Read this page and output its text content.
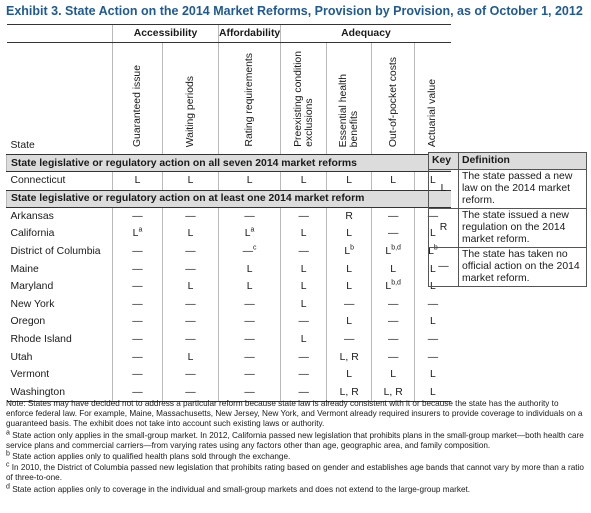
Exhibit 3. State Action on the 2014 Market Reforms, Provision by Provision, as of October 1, 2012
	Accessibility		Affordability	Adequacy			
State	Guaranteed issue	Waiting periods	Rating requirements	Preexisting condition
exclusions	Essential health
benefits	Out-of-pocket costs	Actuarial value
State legislative or regulatory action on all seven 2014 market reforms							
Connecticut	L	L	L	L	L	L	L
State legislative or regulatory action on at least one 2014 market reform							
Arkansas	—	—	—	—	R	—	—
California	$L^a$	L	$L^a$	L	L	—	L
District of Columbia	—	—	—$^c$	—	$L^b$	L$^{b,d}$	$L^b$
Maine	—	—	L	L	L	L	L
Maryland	—	L	L	L	L	L$^{b,d}$	L
New York	—	—	—	L	—	—	—
Oregon	—	—	—	—	L	—	L
Rhode Island	—	—	—	L	—	—	—
Utah	—	L	—	—	L, R	—	—
Vermont	—	—	—	—	L	L	L
Washington	—	—	—	—	L, R	L, R	L
Key	Definition
L	The state passed a new law on the 2014 market reform.
R	The state issued a new regulation on the 2014 market reform.
—	The state has taken no official action on the 2014 market reform.

Note: States may have decided not to address a particular reform because state law is already consistent with it or because the state has the authority to enforce federal law. For example, Maine, Massachusetts, New Jersey, New York, and Vermont already required insurers to provide coverage to individuals on a guaranteed basis. The exhibit does not take into account such existing laws or authority.

$^a$ State action only applies in the small-group market. In 2012, California passed new legislation that prohibits plans in the small-group market—both health care service plans and commercial carriers—from varying rates using any factors other than age, geographic area, and family composition.

$^b$ State action applies only to qualified health plans sold through the exchange.

$^c$ In 2010, the District of Columbia passed new legislation that prohibits rating based on gender and establishes age bands that cannot vary by more than a ratio of three-to-one.

$^d$ State action applies only to coverage in the individual and small-group markets and does not extend to the large-group market.
